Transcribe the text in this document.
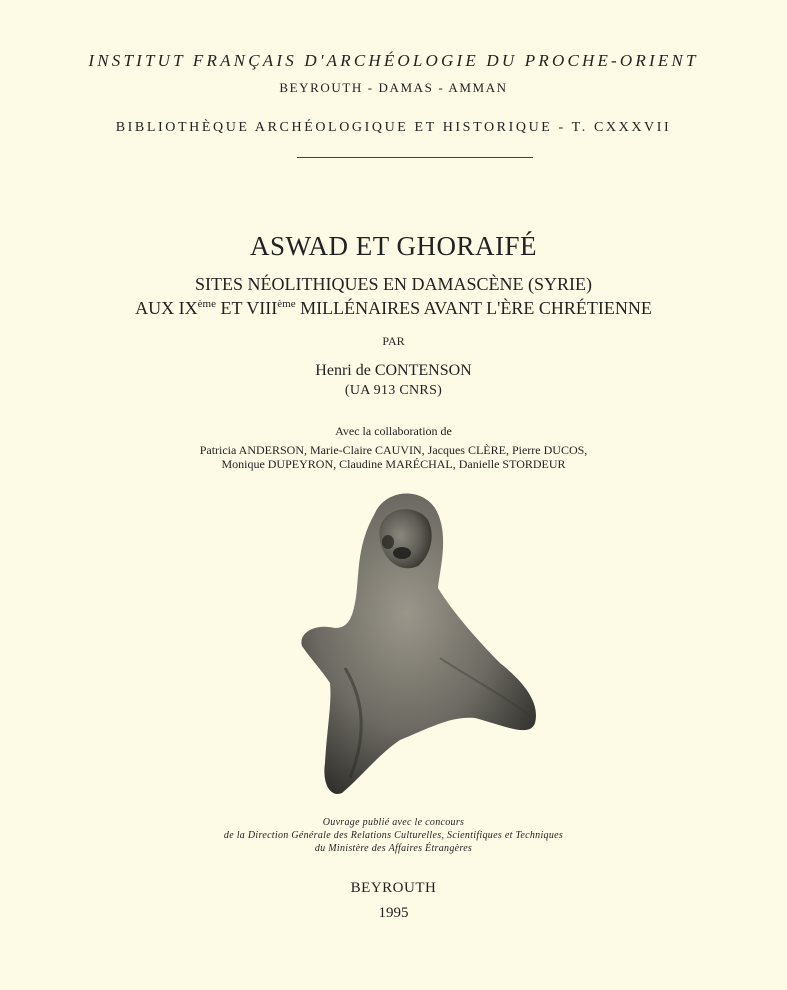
INSTITUT FRANÇAIS D'ARCHÉOLOGIE DU PROCHE-ORIENT
BEYROUTH - DAMAS - AMMAN
BIBLIOTHÈQUE ARCHÉOLOGIQUE ET HISTORIQUE - T. CXXXVII
ASWAD ET GHORAIFÉ
SITES NÉOLITHIQUES EN DAMASCÈNE (SYRIE)
AUX IXème ET VIIIème MILLÉNAIRES AVANT L'ÈRE CHRÉTIENNE
PAR
Henri de CONTENSON
(UA 913 CNRS)
Avec la collaboration de
Patricia ANDERSON, Marie-Claire CAUVIN, Jacques CLÈRE, Pierre DUCOS,
Monique DUPEYRON, Claudine MARÉCHAL, Danielle STORDEUR
Ouvrage publié avec le concours
de la Direction Générale des Relations Culturelles, Scientifiques et Techniques
du Ministère des Affaires Étrangères
BEYROUTH
1995
